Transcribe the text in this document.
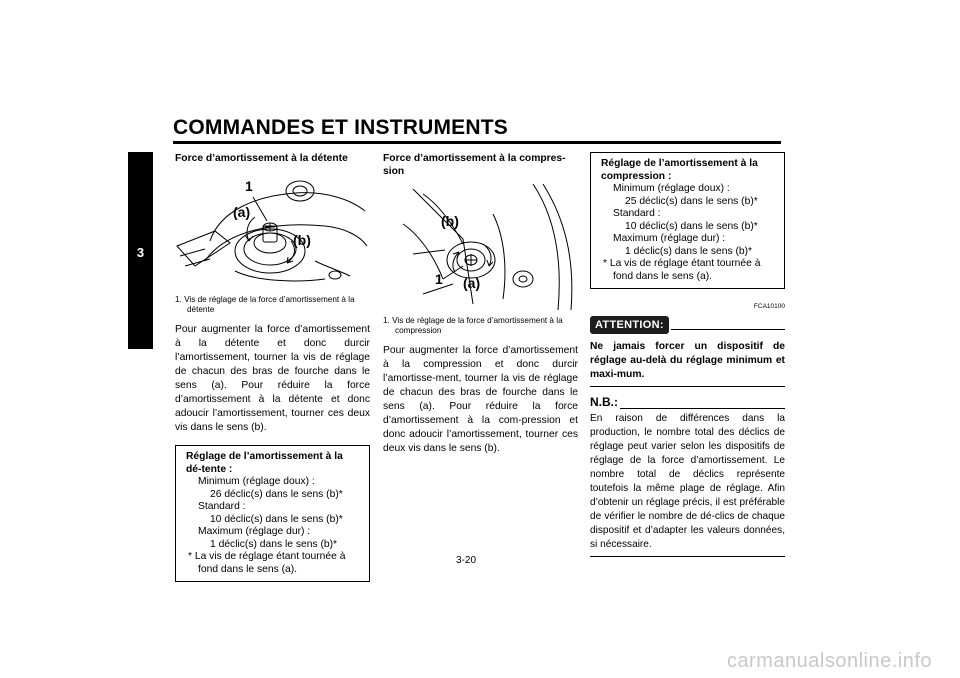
COMMANDES ET INSTRUMENTS
3
Force d’amortissement à la détente
1
(a)
(b)
1. Vis de réglage de la force d’amortissement à la détente
Pour augmenter la force d’amortissement à la détente et donc durcir l’amortissement, tourner la vis de réglage de chacun des bras de fourche dans le sens (a). Pour réduire la force d’amortissement à la détente et donc adoucir l’amortissement, tourner ces deux vis dans le sens (b).
Réglage de l’amortissement à la dé-tente :
Minimum (réglage doux) :
26 déclic(s) dans le sens (b)*
Standard :
10 déclic(s) dans le sens (b)*
Maximum (réglage dur) :
1 déclic(s) dans le sens (b)*
* La vis de réglage étant tournée à fond dans le sens (a).
Force d’amortissement à la compres-sion
(b)
1 (a)
1. Vis de réglage de la force d’amortissement à la compression
Pour augmenter la force d’amortissement à la compression et donc durcir l’amortisse-ment, tourner la vis de réglage de chacun des bras de fourche dans le sens (a). Pour réduire la force d’amortissement à la com-pression et donc adoucir l’amortissement, tourner ces deux vis dans le sens (b).
Réglage de l’amortissement à la compression :
Minimum (réglage doux) :
25 déclic(s) dans le sens (b)*
Standard :
10 déclic(s) dans le sens (b)*
Maximum (réglage dur) :
1 déclic(s) dans le sens (b)*
* La vis de réglage étant tournée à fond dans le sens (a).
FCA10100
ATTENTION:
Ne jamais forcer un dispositif de réglage au-delà du réglage minimum et maxi-mum.
N.B.:
En raison de différences dans la production, le nombre total des déclics de réglage peut varier selon les dispositifs de réglage de la force d’amortissement. Le nombre total de déclics représente toutefois la même plage de réglage. Afin d’obtenir un réglage précis, il est préférable de vérifier le nombre de dé-clics de chaque dispositif et d’adapter les valeurs données, si nécessaire.
3-20
carmanualsonline.info
